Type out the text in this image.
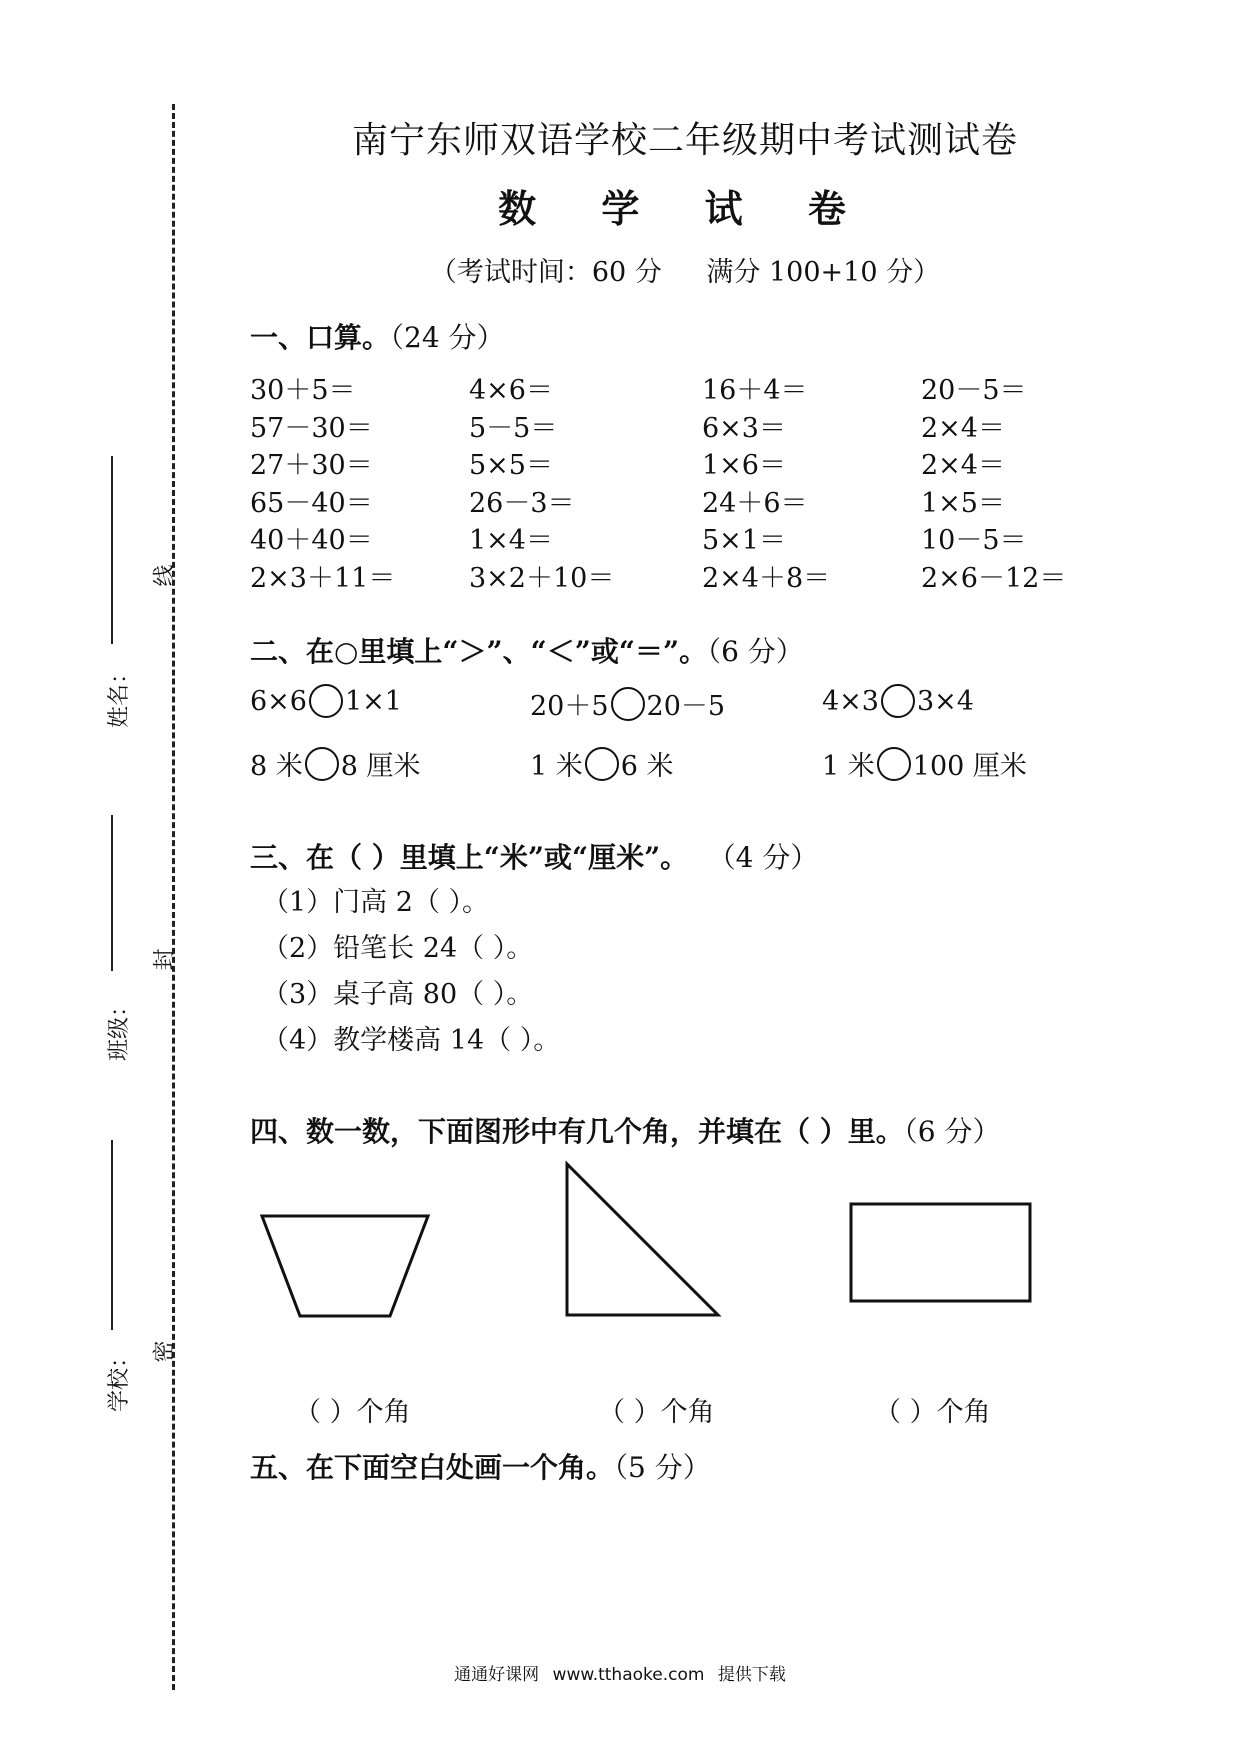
姓名：
班级：
学校：
线
封
密
南宁东师双语学校二年级期中考试测试卷
数 学 试 卷
（考试时间：60 分 满分 100+10 分）
一、口算。（24 分）
30＋5＝	4×6＝	16＋4＝	20－5＝
57－30＝	5－5＝	6×3＝	2×4＝
27＋30＝	5×5＝	1×6＝	2×4＝
65－40＝	26－3＝	24＋6＝	1×5＝
40＋40＝	1×4＝	5×1＝	10－5＝
2×3＋11＝	3×2＋10＝	2×4＋8＝	2×6－12＝
二、在○里填上“＞”、“＜”或“＝”。（6 分）
6×6 1×1	20＋5 20－5	4×3 3×4
8 米 8 厘米	1 米 6 米	1 米 100 厘米
三、在（ ）里填上“米”或“厘米”。 （4 分）
（1）门高 2（ ）。
（2）铅笔长 24（ ）。
（3）桌子高 80（ ）。
（4）教学楼高 14（ ）。
四、数一数，下面图形中有几个角，并填在（ ）里。（6 分）
（ ）个角	（ ）个角	（ ）个角
五、在下面空白处画一个角。（5 分）
通通好课网 www.tthaoke.com 提供下载
